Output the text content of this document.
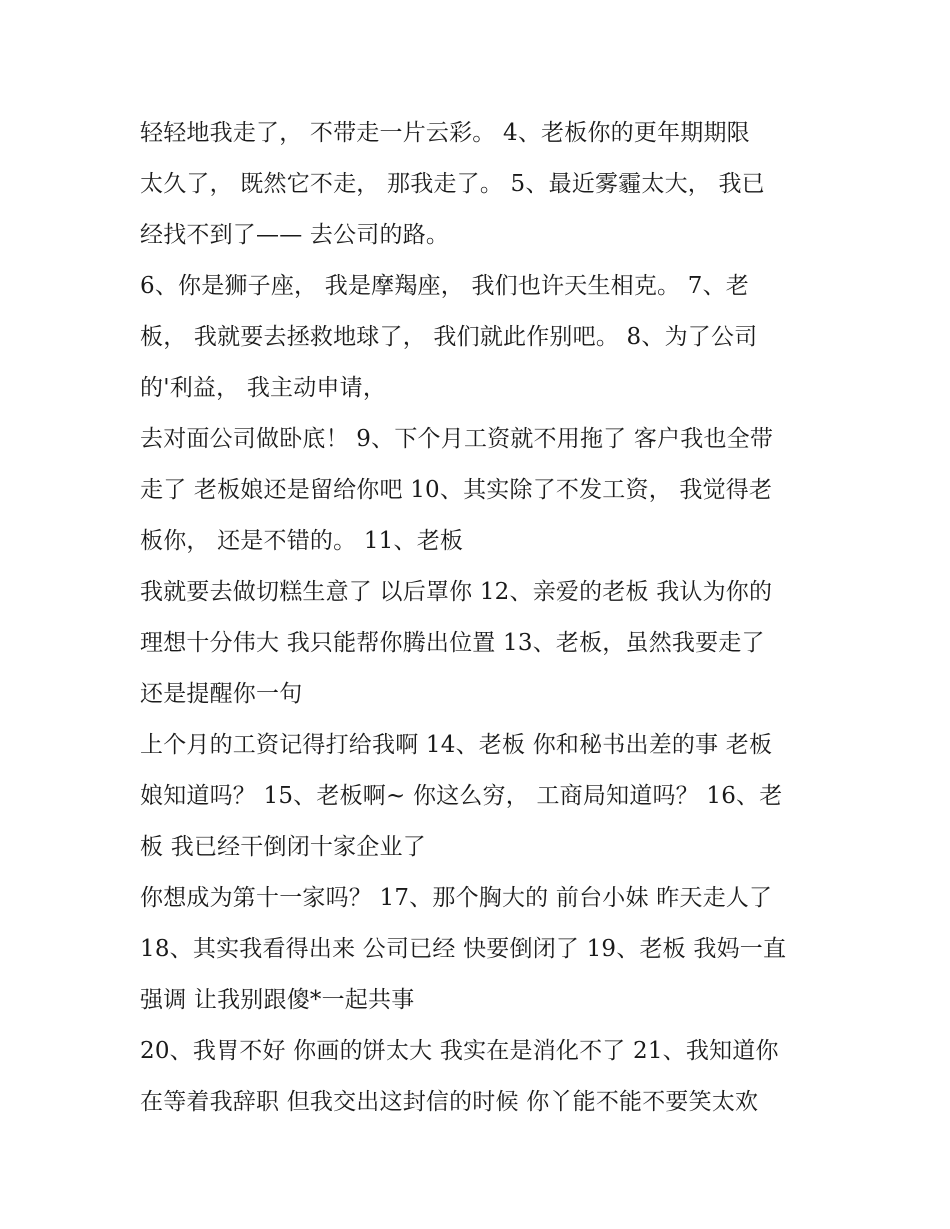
轻轻地我走了， 不带走一片云彩。 4、老板你的更年期期限
太久了， 既然它不走， 那我走了。 5、最近雾霾太大， 我已
经找不到了—— 去公司的路。
6、你是狮子座， 我是摩羯座， 我们也许天生相克。 7、老
板， 我就要去拯救地球了， 我们就此作别吧。 8、为了公司
的'利益， 我主动申请，
去对面公司做卧底！ 9、下个月工资就不用拖了 客户我也全带
走了 老板娘还是留给你吧 10、其实除了不发工资， 我觉得老
板你， 还是不错的。 11、老板
我就要去做切糕生意了 以后罩你 12、亲爱的老板 我认为你的
理想十分伟大 我只能帮你腾出位置 13、老板，虽然我要走了
还是提醒你一句
上个月的工资记得打给我啊 14、老板 你和秘书出差的事 老板
娘知道吗？ 15、老板啊~ 你这么穷， 工商局知道吗？ 16、老
板 我已经干倒闭十家企业了
你想成为第十一家吗？ 17、那个胸大的 前台小妹 昨天走人了
18、其实我看得出来 公司已经 快要倒闭了 19、老板 我妈一直
强调 让我别跟傻*一起共事
20、我胃不好 你画的饼太大 我实在是消化不了 21、我知道你
在等着我辞职 但我交出这封信的时候 你丫能不能不要笑太欢
